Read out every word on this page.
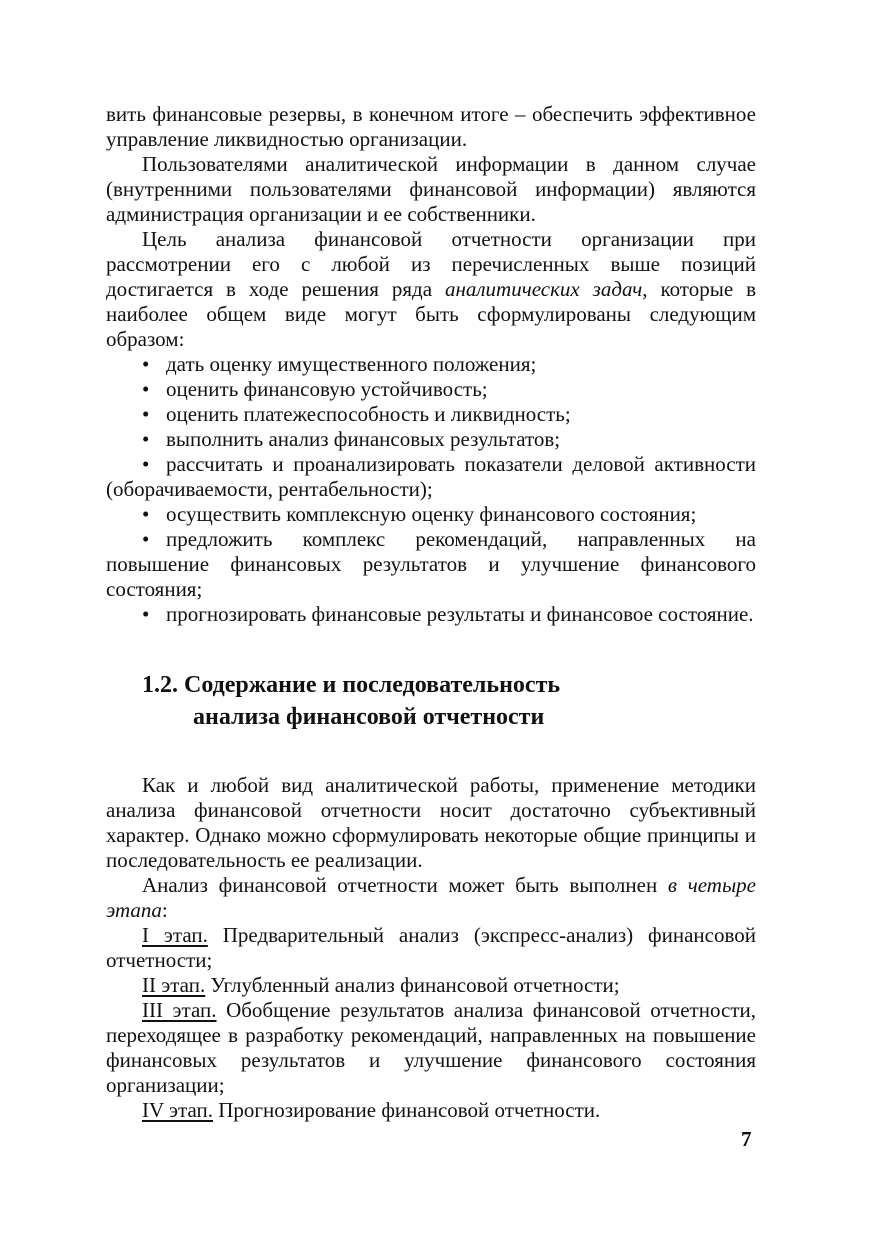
вить финансовые резервы, в конечном итоге – обеспечить эффективное управление ликвидностью организации.

Пользователями аналитической информации в данном случае (внутренними пользователями финансовой информации) являются администрация организации и ее собственники.

Цель анализа финансовой отчетности организации при рассмотрении его с любой из перечисленных выше позиций достигается в ходе решения ряда аналитических задач, которые в наиболее общем виде могут быть сформулированы следующим образом:

• дать оценку имущественного положения;

• оценить финансовую устойчивость;

• оценить платежеспособность и ликвидность;

• выполнить анализ финансовых результатов;

• рассчитать и проанализировать показатели деловой активности (оборачиваемости, рентабельности);

• осуществить комплексную оценку финансового состояния;

• предложить комплекс рекомендаций, направленных на повышение финансовых результатов и улучшение финансового состояния;

• прогнозировать финансовые результаты и финансовое состояние.

1.2. Содержание и последовательность
анализа финансовой отчетности

Как и любой вид аналитической работы, применение методики анализа финансовой отчетности носит достаточно субъективный характер. Однако можно сформулировать некоторые общие принципы и последовательность ее реализации.

Анализ финансовой отчетности может быть выполнен в четыре этапа:

I этап. Предварительный анализ (экспресс-анализ) финансовой отчетности;

II этап. Углубленный анализ финансовой отчетности;

III этап. Обобщение результатов анализа финансовой отчетности, переходящее в разработку рекомендаций, направленных на повышение финансовых результатов и улучшение финансового состояния организации;

IV этап. Прогнозирование финансовой отчетности.

7
